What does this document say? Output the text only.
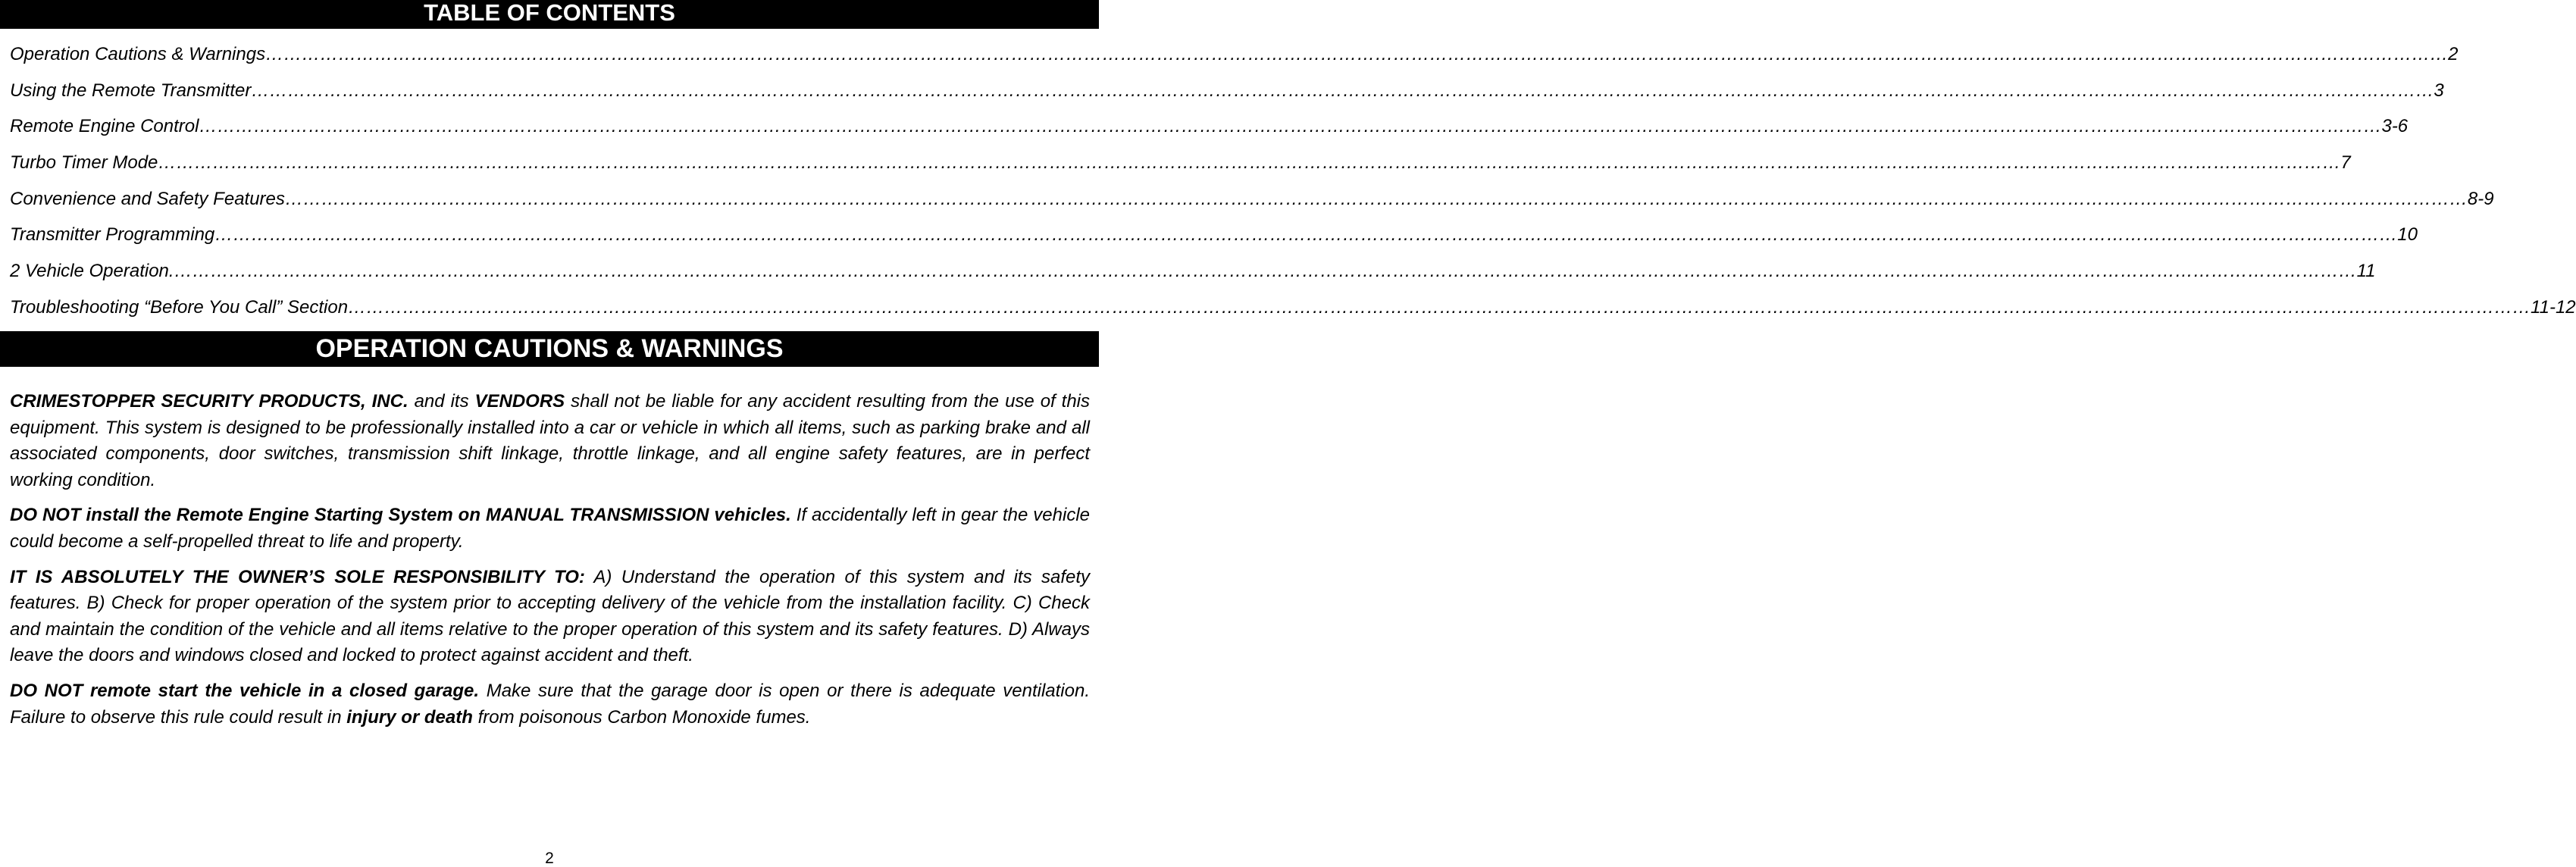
TABLE OF CONTENTS
Operation Cautions & Warnings ……………………………………………………………………………………………………………………………………………………………………………………………………………………………………………………………………………………………………………………………… 2
Using the Remote Transmitter ……………………………………………………………………………………………………………………………………………………………………………………………………………………………………………………………………………………………………………………………… 3
Remote Engine Control ……………………………………………………………………………………………………………………………………………………………………………………………………………………………………………………………………………………………………………………………… 3-6
Turbo Timer Mode ……………………………………………………………………………………………………………………………………………………………………………………………………………………………………………………………………………………………………………………………… 7
Convenience and Safety Features ……………………………………………………………………………………………………………………………………………………………………………………………………………………………………………………………………………………………………………………………… 8-9
Transmitter Programming ……………………………………………………………………………………………………………………………………………………………………………………………………………………………………………………………………………………………………………………………… 10
2 Vehicle Operation. ……………………………………………………………………………………………………………………………………………………………………………………………………………………………………………………………………………………………………………………………… 11
Troubleshooting “Before You Call” Section ……………………………………………………………………………………………………………………………………………………………………………………………………………………………………………………………………………………………………………………………… 11-12
OPERATION CAUTIONS & WARNINGS

CRIMESTOPPER SECURITY PRODUCTS, INC. and its VENDORS shall not be liable for any accident resulting from the use of this equipment. This system is designed to be professionally installed into a car or vehicle in which all items, such as parking brake and all associated components, door switches, transmission shift linkage, throttle linkage, and all engine safety features, are in perfect working condition.

DO NOT install the Remote Engine Starting System on MANUAL TRANSMISSION vehicles. If accidentally left in gear the vehicle could become a self-propelled threat to life and property.

IT IS ABSOLUTELY THE OWNER’S SOLE RESPONSIBILITY TO: A) Understand the operation of this system and its safety features. B) Check for proper operation of the system prior to accepting delivery of the vehicle from the installation facility. C) Check and maintain the condition of the vehicle and all items relative to the proper operation of this system and its safety features. D) Always leave the doors and windows closed and locked to protect against accident and theft.

DO NOT remote start the vehicle in a closed garage. Make sure that the garage door is open or there is adequate ventilation. Failure to observe this rule could result in injury or death from poisonous Carbon Monoxide fumes.

2
